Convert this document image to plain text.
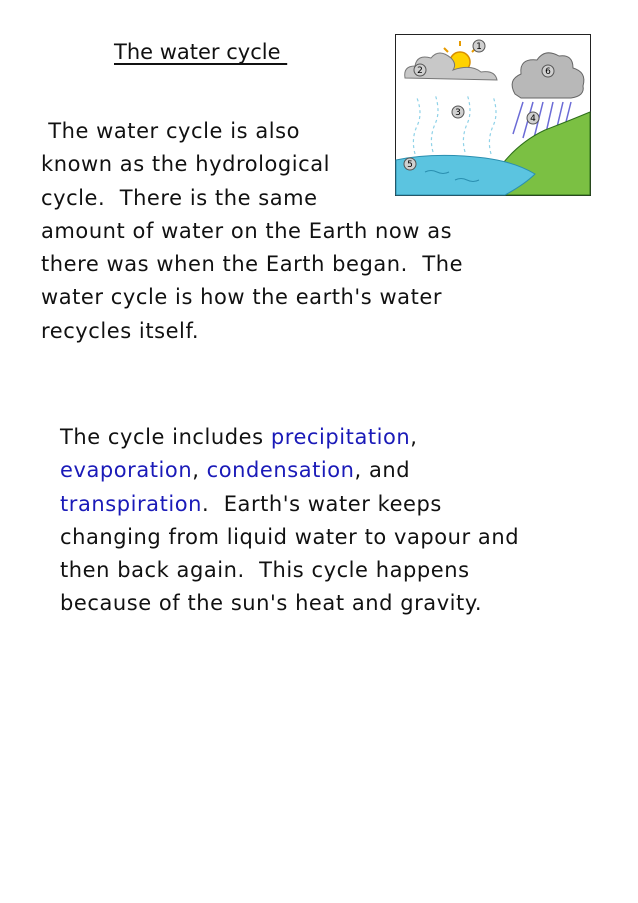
The water cycle	1
2	6
3
4
5
The water cycle is also
known as the hydrological
cycle.  There is the same
amount of water on the Earth now as
there was when the Earth began.  The
water cycle is how the earth's water
recycles itself.
The cycle includes precipitation,
evaporation, condensation, and
transpiration.  Earth's water keeps
changing from liquid water to vapour and
then back again.  This cycle happens
because of the sun's heat and gravity.
